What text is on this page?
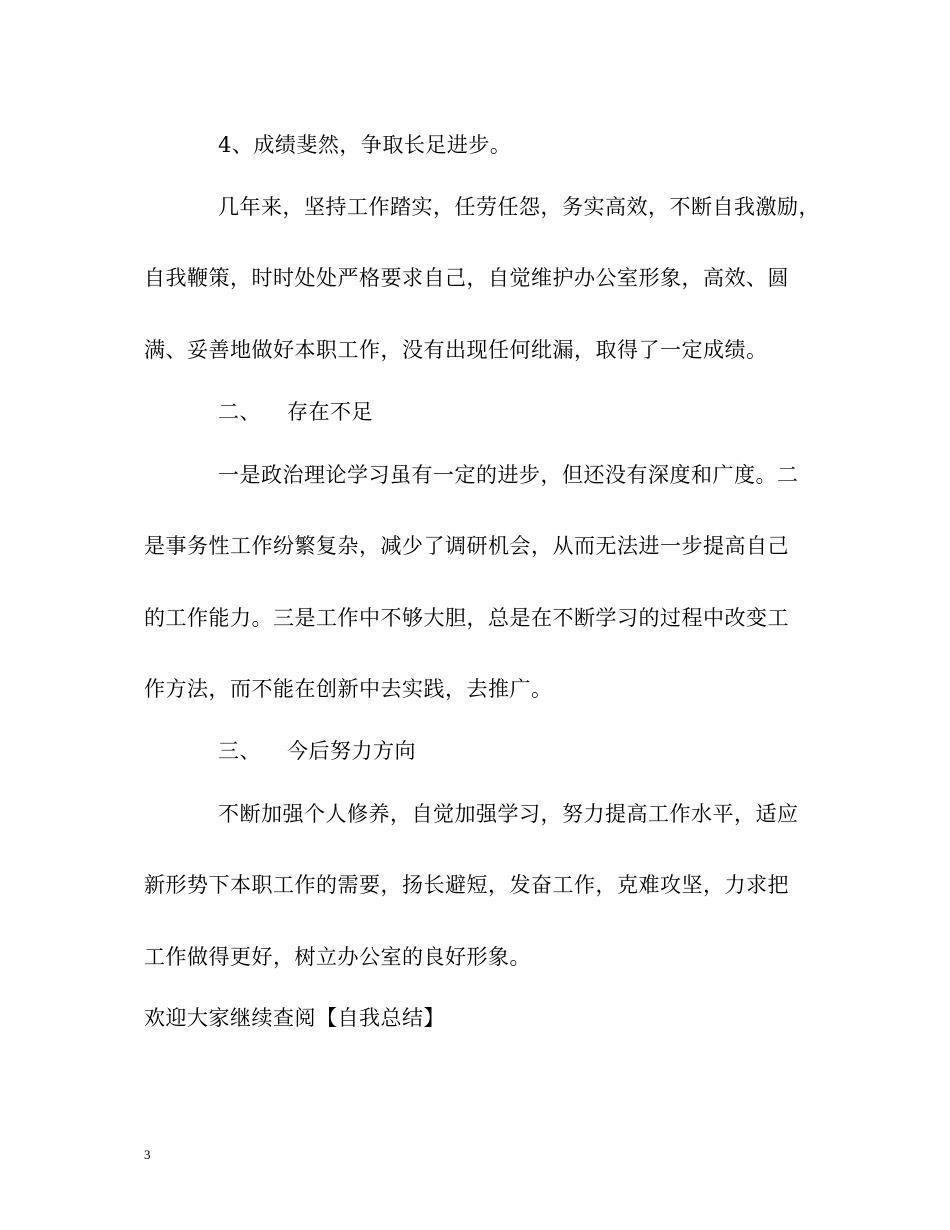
4、成绩斐然，争取长足进步。
几年来，坚持工作踏实，任劳任怨，务实高效，不断自我激励，
自我鞭策，时时处处严格要求自己，自觉维护办公室形象，高效、圆
满、妥善地做好本职工作，没有出现任何纰漏，取得了一定成绩。
二、 存在不足
一是政治理论学习虽有一定的进步，但还没有深度和广度。二
是事务性工作纷繁复杂，减少了调研机会，从而无法进一步提高自己
的工作能力。三是工作中不够大胆，总是在不断学习的过程中改变工
作方法，而不能在创新中去实践，去推广。
三、 今后努力方向
不断加强个人修养，自觉加强学习，努力提高工作水平，适应
新形势下本职工作的需要，扬长避短，发奋工作，克难攻坚，力求把
工作做得更好，树立办公室的良好形象。
欢迎大家继续查阅【自我总结】
3
